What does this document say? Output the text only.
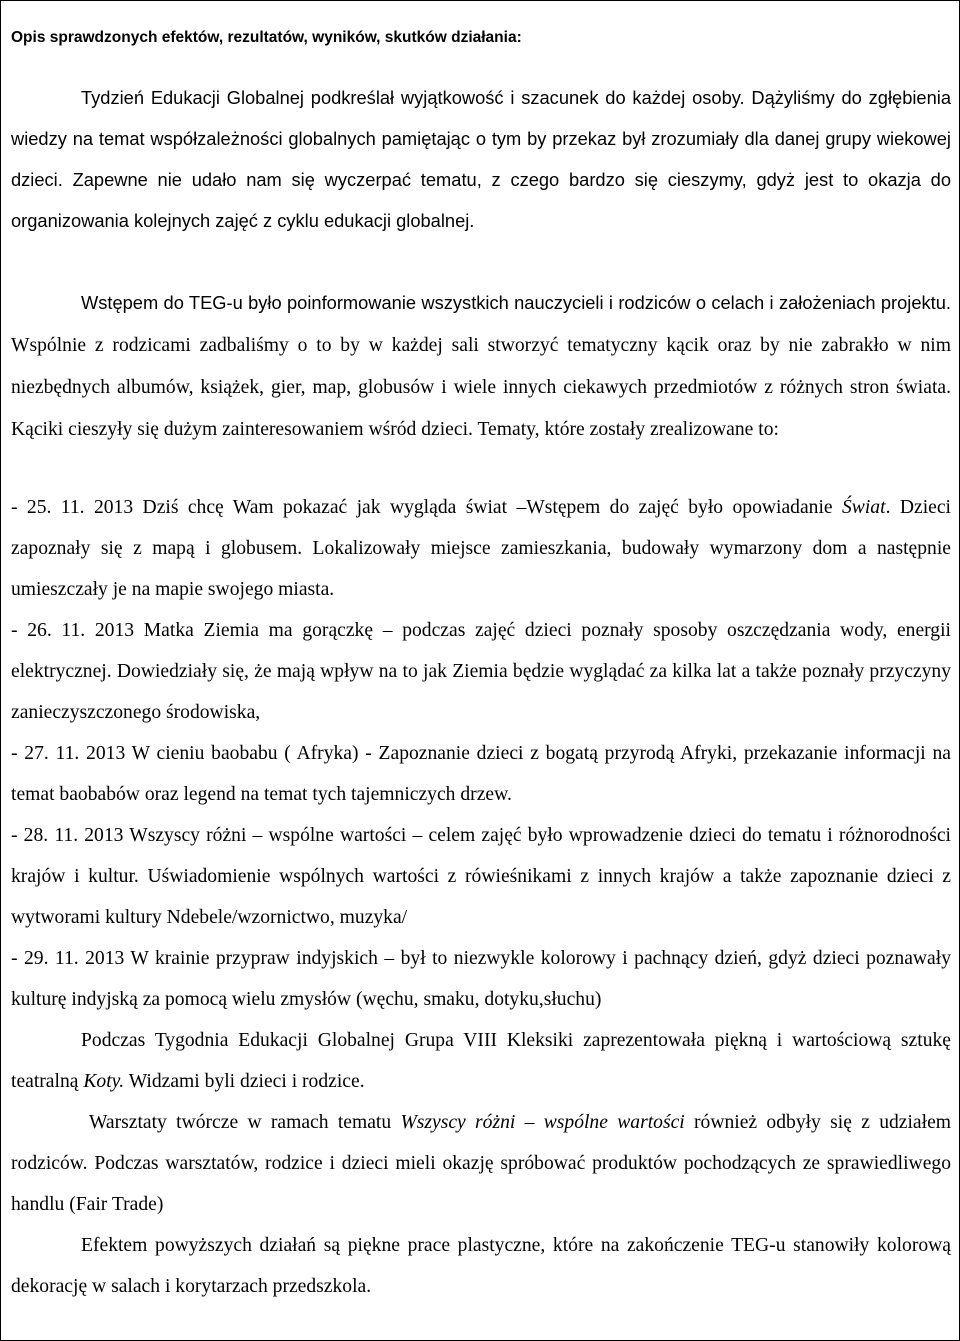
Opis sprawdzonych efektów, rezultatów, wyników, skutków działania:

Tydzień Edukacji Globalnej podkreślał wyjątkowość i szacunek do każdej osoby. Dążyliśmy do zgłębienia wiedzy na temat współzależności globalnych pamiętając o tym by przekaz był zrozumiały dla danej grupy wiekowej dzieci. Zapewne nie udało nam się wyczerpać tematu, z czego bardzo się cieszymy, gdyż jest to okazja do organizowania kolejnych zajęć z cyklu edukacji globalnej.

Wstępem do TEG-u było poinformowanie wszystkich nauczycieli i rodziców o celach i założeniach projektu. Wspólnie z rodzicami zadbaliśmy o to by w każdej sali stworzyć tematyczny kącik oraz by nie zabrakło w nim niezbędnych albumów, książek, gier, map, globusów i wiele innych ciekawych przedmiotów z różnych stron świata. Kąciki cieszyły się dużym zainteresowaniem wśród dzieci. Tematy, które zostały zrealizowane to:

- 25. 11. 2013 Dziś chcę Wam pokazać jak wygląda świat –Wstępem do zajęć było opowiadanie Świat. Dzieci zapoznały się z mapą i globusem. Lokalizowały miejsce zamieszkania, budowały wymarzony dom a następnie umieszczały je na mapie swojego miasta.

- 26. 11. 2013 Matka Ziemia ma gorączkę – podczas zajęć dzieci poznały sposoby oszczędzania wody, energii elektrycznej. Dowiedziały się, że mają wpływ na to jak Ziemia będzie wyglądać za kilka lat a także poznały przyczyny zanieczyszczonego środowiska,

- 27. 11. 2013 W cieniu baobabu ( Afryka) - Zapoznanie dzieci z bogatą przyrodą Afryki, przekazanie informacji na temat baobabów oraz legend na temat tych tajemniczych drzew.

- 28. 11. 2013 Wszyscy różni – wspólne wartości – celem zajęć było wprowadzenie dzieci do tematu i różnorodności krajów i kultur. Uświadomienie wspólnych wartości z rówieśnikami z innych krajów a także zapoznanie dzieci z wytworami kultury Ndebele/wzornictwo, muzyka/

- 29. 11. 2013 W krainie przypraw indyjskich – był to niezwykle kolorowy i pachnący dzień, gdyż dzieci poznawały kulturę indyjską za pomocą wielu zmysłów (węchu, smaku, dotyku,słuchu)

Podczas Tygodnia Edukacji Globalnej Grupa VIII Kleksiki zaprezentowała piękną i wartościową sztukę teatralną Koty. Widzami byli dzieci i rodzice.

Warsztaty twórcze w ramach tematu Wszyscy różni – wspólne wartości również odbyły się z udziałem rodziców. Podczas warsztatów, rodzice i dzieci mieli okazję spróbować produktów pochodzących ze sprawiedliwego handlu (Fair Trade)

Efektem powyższych działań są piękne prace plastyczne, które na zakończenie TEG-u stanowiły kolorową dekorację w salach i korytarzach przedszkola.
